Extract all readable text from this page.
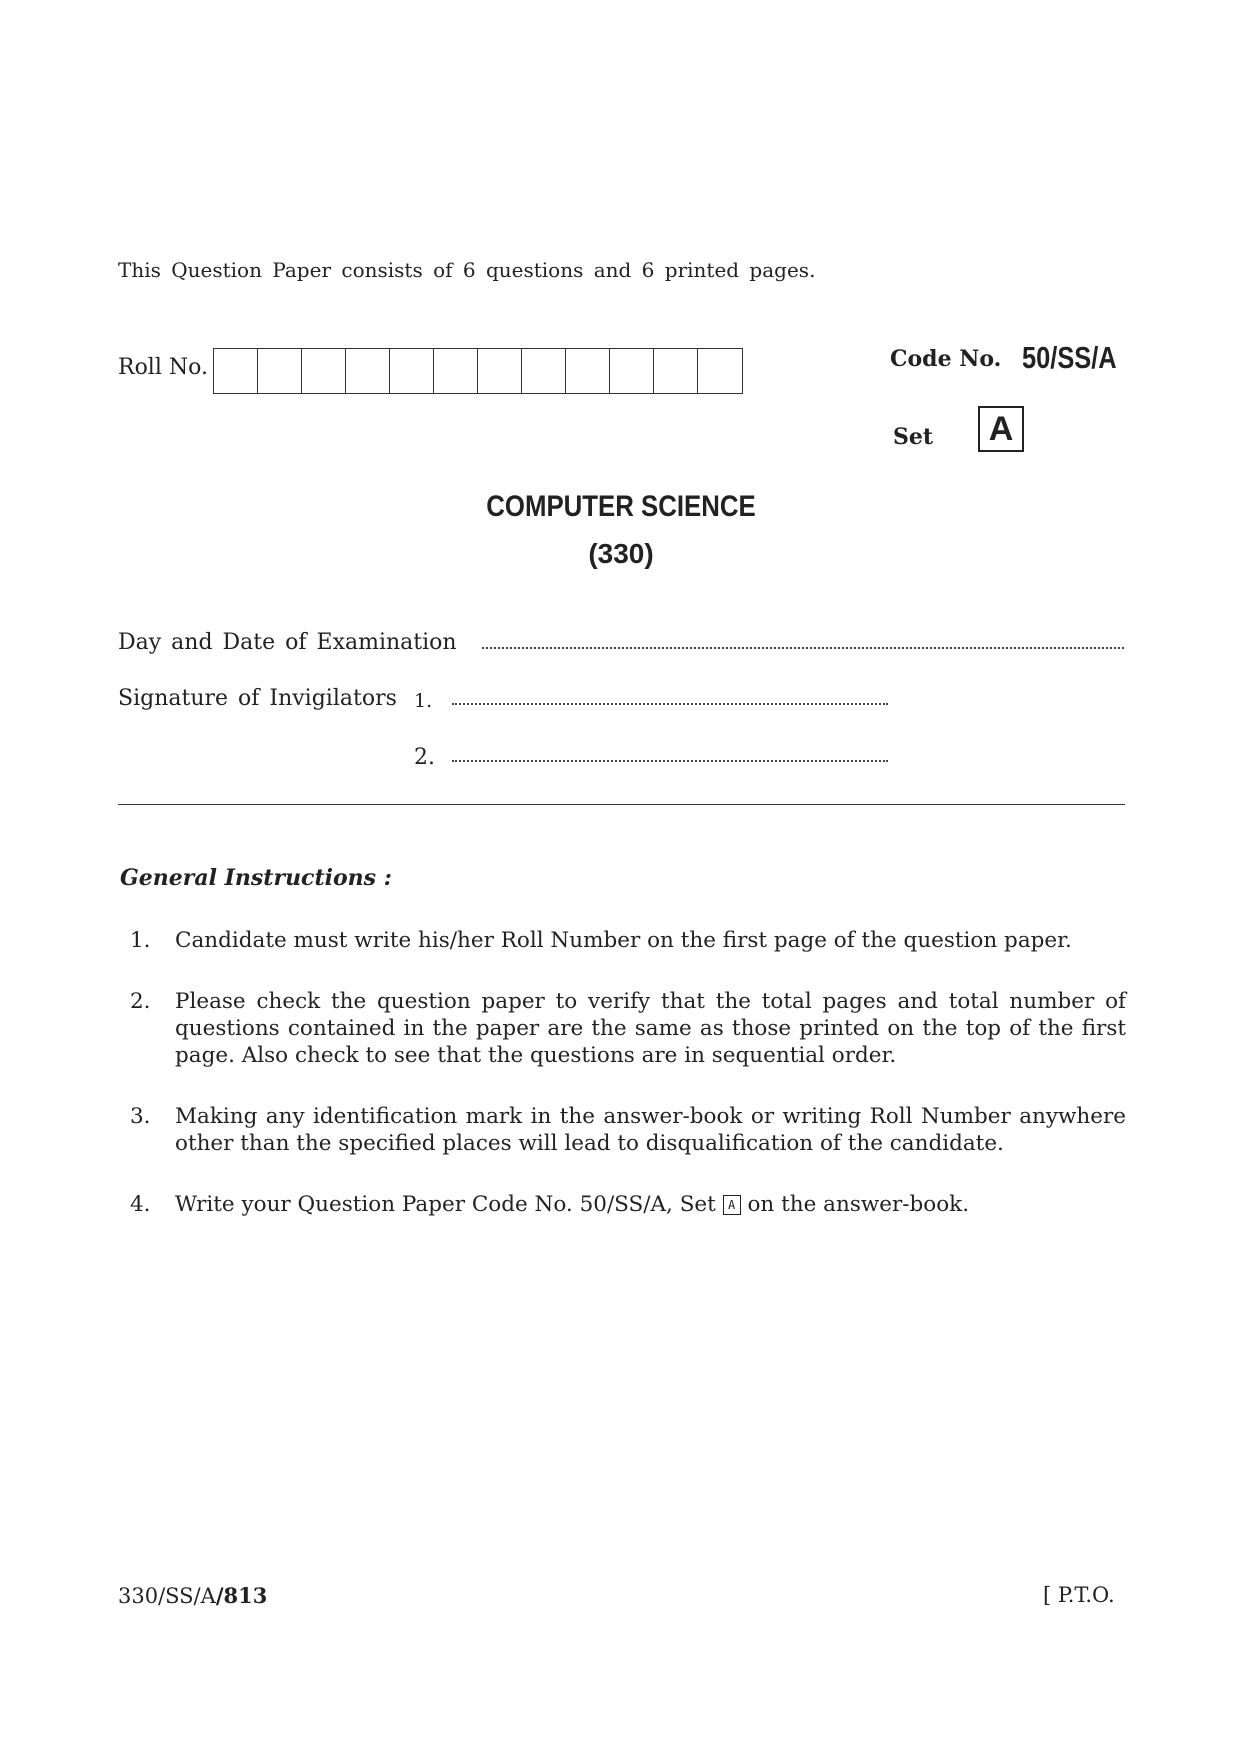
This Question Paper consists of 6 questions and 6 printed pages.
Roll No.	Code No. 50/SS/A
Set	A
COMPUTER SCIENCE
(330)
Day and Date of Examination
Signature of Invigilators 1.
2.
General Instructions :
1.	Candidate must write his/her Roll Number on the first page of the question paper.
2.	Please check the question paper to verify that the total pages and total number of questions contained in the paper are the same as those printed on the top of the first page. Also check to see that the questions are in sequential order.
3.	Making any identification mark in the answer-book or writing Roll Number anywhere other than the specified places will lead to disqualification of the candidate.
4.	Write your Question Paper Code No. 50/SS/A, Set A on the answer-book.
330/SS/A/813	[ P.T.O.
